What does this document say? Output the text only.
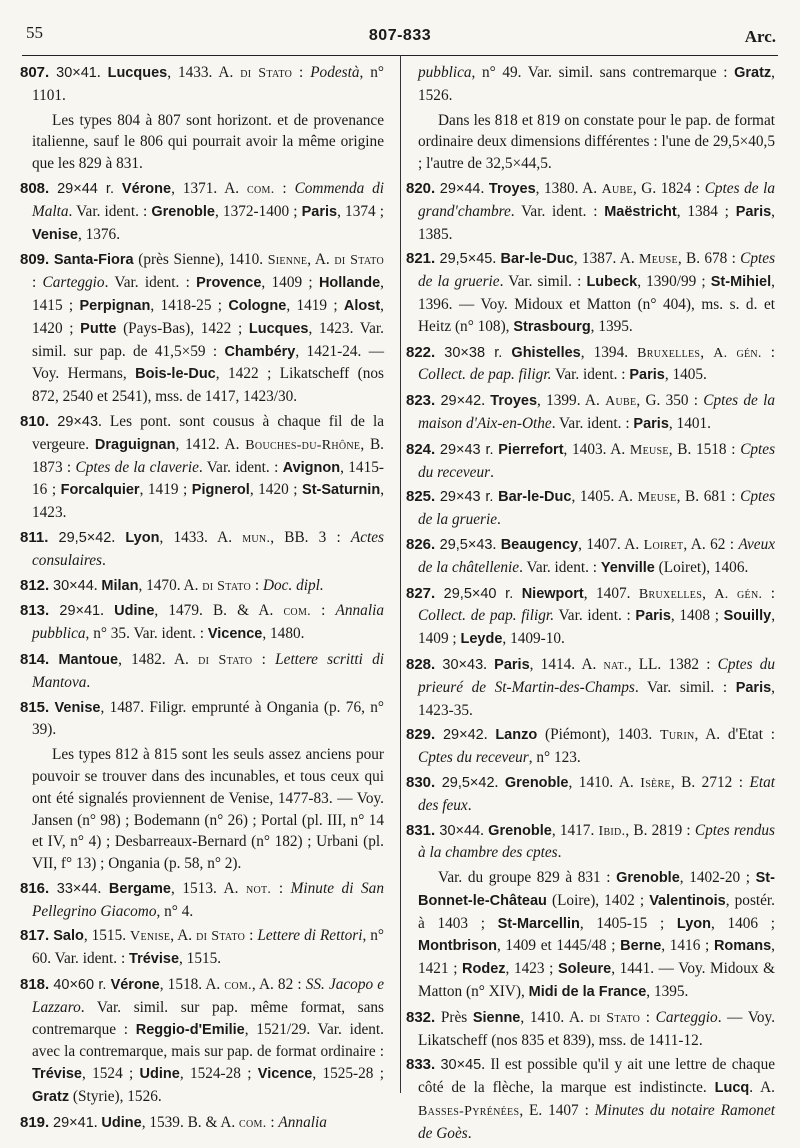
55	807-833	Arc.
807. 30×41. Lucques, 1433. A. di Stato : Podestà, n° 1101.
Les types 804 à 807 sont horizont. et de provenance italienne, sauf le 806 qui pourrait avoir la même origine que les 829 à 831.
808. 29×44 r. Vérone, 1371. A. com. : Commenda di Malta. Var. ident. : Grenoble, 1372-1400 ; Paris, 1374 ; Venise, 1376.
809. Santa-Fiora (près Sienne), 1410. Sienne, A. di Stato : Carteggio. Var. ident. : Provence, 1409 ; Hollande, 1415 ; Perpignan, 1418-25 ; Cologne, 1419 ; Alost, 1420 ; Putte (Pays-Bas), 1422 ; Lucques, 1423. Var. simil. sur pap. de 41,5×59 : Chambéry, 1421-24. — Voy. Hermans, Bois-le-Duc, 1422 ; Likatscheff (nos 872, 2540 et 2541), mss. de 1417, 1423/30.
810. 29×43. Les pont. sont cousus à chaque fil de la vergeure. Draguignan, 1412. A. Bouches-du-Rhône, B. 1873 : Cptes de la claverie. Var. ident. : Avignon, 1415-16 ; Forcalquier, 1419 ; Pignerol, 1420 ; St-Saturnin, 1423.
811. 29,5×42. Lyon, 1433. A. mun., BB. 3 : Actes consulaires.
812. 30×44. Milan, 1470. A. di Stato : Doc. dipl.
813. 29×41. Udine, 1479. B. & A. com. : Annalia pubblica, n° 35. Var. ident. : Vicence, 1480.
814. Mantoue, 1482. A. di Stato : Lettere scritti di Mantova.
815. Venise, 1487. Filigr. emprunté à Ongania (p. 76, n° 39).
Les types 812 à 815 sont les seuls assez anciens pour pouvoir se trouver dans des incunables, et tous ceux qui ont été signalés proviennent de Venise, 1477-83. — Voy. Jansen (n° 98) ; Bodemann (n° 26) ; Portal (pl. III, n° 14 et IV, n° 4) ; Desbarreaux-Bernard (n° 182) ; Urbani (pl. VII, f° 13) ; Ongania (p. 58, n° 2).
816. 33×44. Bergame, 1513. A. not. : Minute di San Pellegrino Giacomo, n° 4.
817. Salo, 1515. Venise, A. di Stato : Lettere di Rettori, n° 60. Var. ident. : Trévise, 1515.
818. 40×60 r. Vérone, 1518. A. com., A. 82 : SS. Jacopo e Lazzaro. Var. simil. sur pap. même format, sans contremarque : Reggio-d'Emilie, 1521/29. Var. ident. avec la contremarque, mais sur pap. de format ordinaire : Trévise, 1524 ; Udine, 1524-28 ; Vicence, 1525-28 ; Gratz (Styrie), 1526.
819. 29×41. Udine, 1539. B. & A. com. : Annalia
pubblica, n° 49. Var. simil. sans contremarque : Gratz, 1526.
Dans les 818 et 819 on constate pour le pap. de format ordinaire deux dimensions différentes : l'une de 29,5×40,5 ; l'autre de 32,5×44,5.
820. 29×44. Troyes, 1380. A. Aube, G. 1824 : Cptes de la grand'chambre. Var. ident. : Maëstricht, 1384 ; Paris, 1385.
821. 29,5×45. Bar-le-Duc, 1387. A. Meuse, B. 678 : Cptes de la gruerie. Var. simil. : Lubeck, 1390/99 ; St-Mihiel, 1396. — Voy. Midoux et Matton (n° 404), ms. s. d. et Heitz (n° 108), Strasbourg, 1395.
822. 30×38 r. Ghistelles, 1394. Bruxelles, A. gén. : Collect. de pap. filigr. Var. ident. : Paris, 1405.
823. 29×42. Troyes, 1399. A. Aube, G. 350 : Cptes de la maison d'Aix-en-Othe. Var. ident. : Paris, 1401.
824. 29×43 r. Pierrefort, 1403. A. Meuse, B. 1518 : Cptes du receveur.
825. 29×43 r. Bar-le-Duc, 1405. A. Meuse, B. 681 : Cptes de la gruerie.
826. 29,5×43. Beaugency, 1407. A. Loiret, A. 62 : Aveux de la châtellenie. Var. ident. : Yenville (Loiret), 1406.
827. 29,5×40 r. Niewport, 1407. Bruxelles, A. gén. : Collect. de pap. filigr. Var. ident. : Paris, 1408 ; Souilly, 1409 ; Leyde, 1409-10.
828. 30×43. Paris, 1414. A. nat., LL. 1382 : Cptes du prieuré de St-Martin-des-Champs. Var. simil. : Paris, 1423-35.
829. 29×42. Lanzo (Piémont), 1403. Turin, A. d'Etat : Cptes du receveur, n° 123.
830. 29,5×42. Grenoble, 1410. A. Isère, B. 2712 : Etat des feux.
831. 30×44. Grenoble, 1417. Ibid., B. 2819 : Cptes rendus à la chambre des cptes.
Var. du groupe 829 à 831 : Grenoble, 1402-20 ; St-Bonnet-le-Château (Loire), 1402 ; Valentinois, postér. à 1403 ; St-Marcellin, 1405-15 ; Lyon, 1406 ; Montbrison, 1409 et 1445/48 ; Berne, 1416 ; Romans, 1421 ; Rodez, 1423 ; Soleure, 1441. — Voy. Midoux & Matton (n° XIV), Midi de la France, 1395.
832. Près Sienne, 1410. A. di Stato : Carteggio. — Voy. Likatscheff (nos 835 et 839), mss. de 1411-12.
833. 30×45. Il est possible qu'il y ait une lettre de chaque côté de la flèche, la marque est indistincte. Lucq. A. Basses-Pyrénées, E. 1407 : Minutes du notaire Ramonet de Goès.
